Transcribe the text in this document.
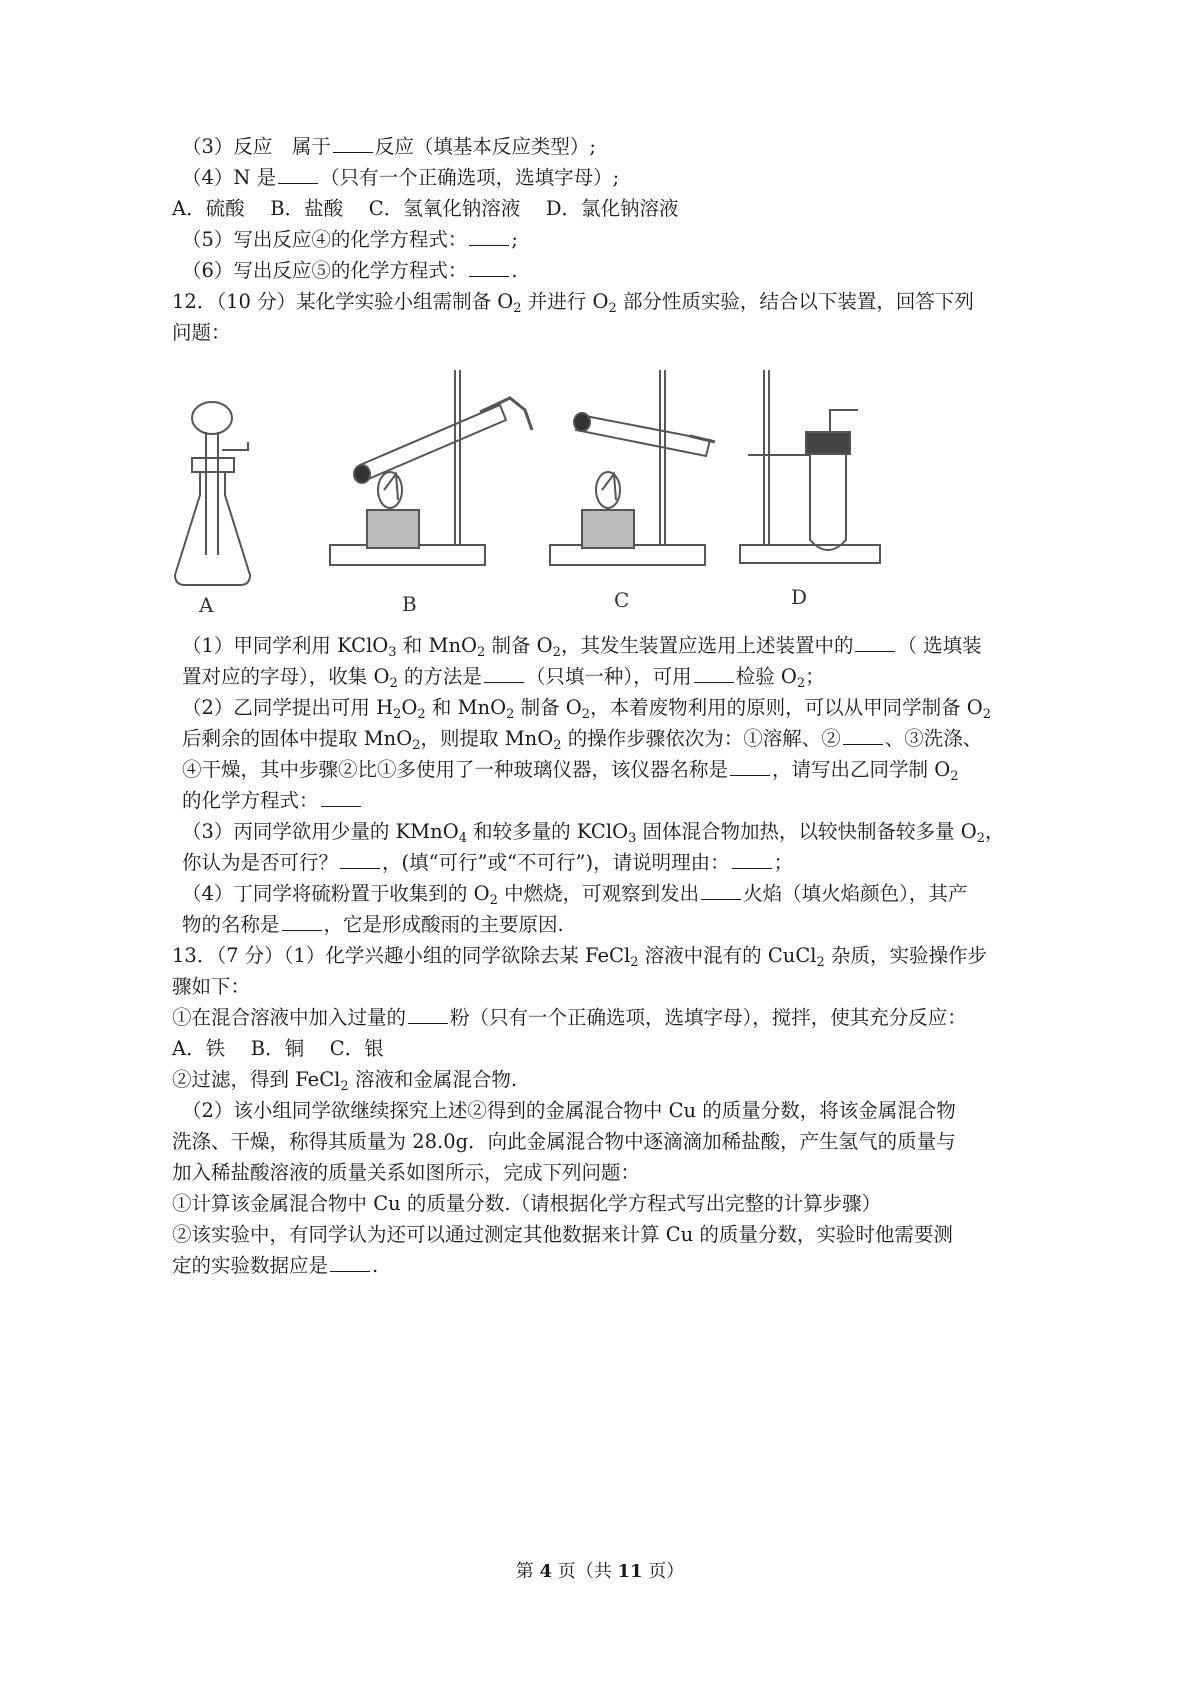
（3）反应　属于 反应（填基本反应类型）;
（4）N 是 （只有一个正确选项，选填字母）;
A．硫酸　 B．盐酸　 C．氢氧化钠溶液　 D．氯化钠溶液
（5）写出反应④的化学方程式： ;
（6）写出反应⑤的化学方程式： .
12．（10 分）某化学实验小组需制备 $O_2$ 并进行 $O_2$ 部分性质实验，结合以下装置，回答下列
问题：
A	B	C	D
（1）甲同学利用 KClO$_3$ 和 MnO$_2$ 制备 $O_2$，其发生装置应选用上述装置中的 （ 选填装
置对应的字母），收集 $O_2$ 的方法是 （只填一种），可用 检验 $O_2$；
（2）乙同学提出可用 $H_2O_2$ 和 MnO$_2$ 制备 $O_2$，本着废物利用的原则，可以从甲同学制备 $O_2$
后剩余的固体中提取 MnO$_2$，则提取 MnO$_2$ 的操作步骤依次为：①溶解、② 、③洗涤、
④干燥，其中步骤②比①多使用了一种玻璃仪器，该仪器名称是 ，请写出乙同学制 $O_2$
的化学方程式：
（3）丙同学欲用少量的 KMnO$_4$ 和较多量的 KClO$_3$ 固体混合物加热，以较快制备较多量 $O_2$，
你认为是否可行？ ，(填“可行”或“不可行”)，请说明理由： ；
（4）丁同学将硫粉置于收集到的 $O_2$ 中燃烧，可观察到发出 火焰（填火焰颜色），其产
物的名称是 ，它是形成酸雨的主要原因.
13．（7 分）（1）化学兴趣小组的同学欲除去某 FeCl$_2$ 溶液中混有的 CuCl$_2$ 杂质，实验操作步
骤如下：
①在混合溶液中加入过量的 粉（只有一个正确选项，选填字母），搅拌，使其充分反应：
A．铁　 B．铜　 C．银
②过滤，得到 FeCl$_2$ 溶液和金属混合物.
（2）该小组同学欲继续探究上述②得到的金属混合物中 Cu 的质量分数，将该金属混合物
洗涤、干燥，称得其质量为 28.0g．向此金属混合物中逐滴滴加稀盐酸，产生氢气的质量与
加入稀盐酸溶液的质量关系如图所示，完成下列问题：
①计算该金属混合物中 Cu 的质量分数.（请根据化学方程式写出完整的计算步骤）
②该实验中，有同学认为还可以通过测定其他数据来计算 Cu 的质量分数，实验时他需要测
定的实验数据应是 .
第 4 页（共 11 页）
